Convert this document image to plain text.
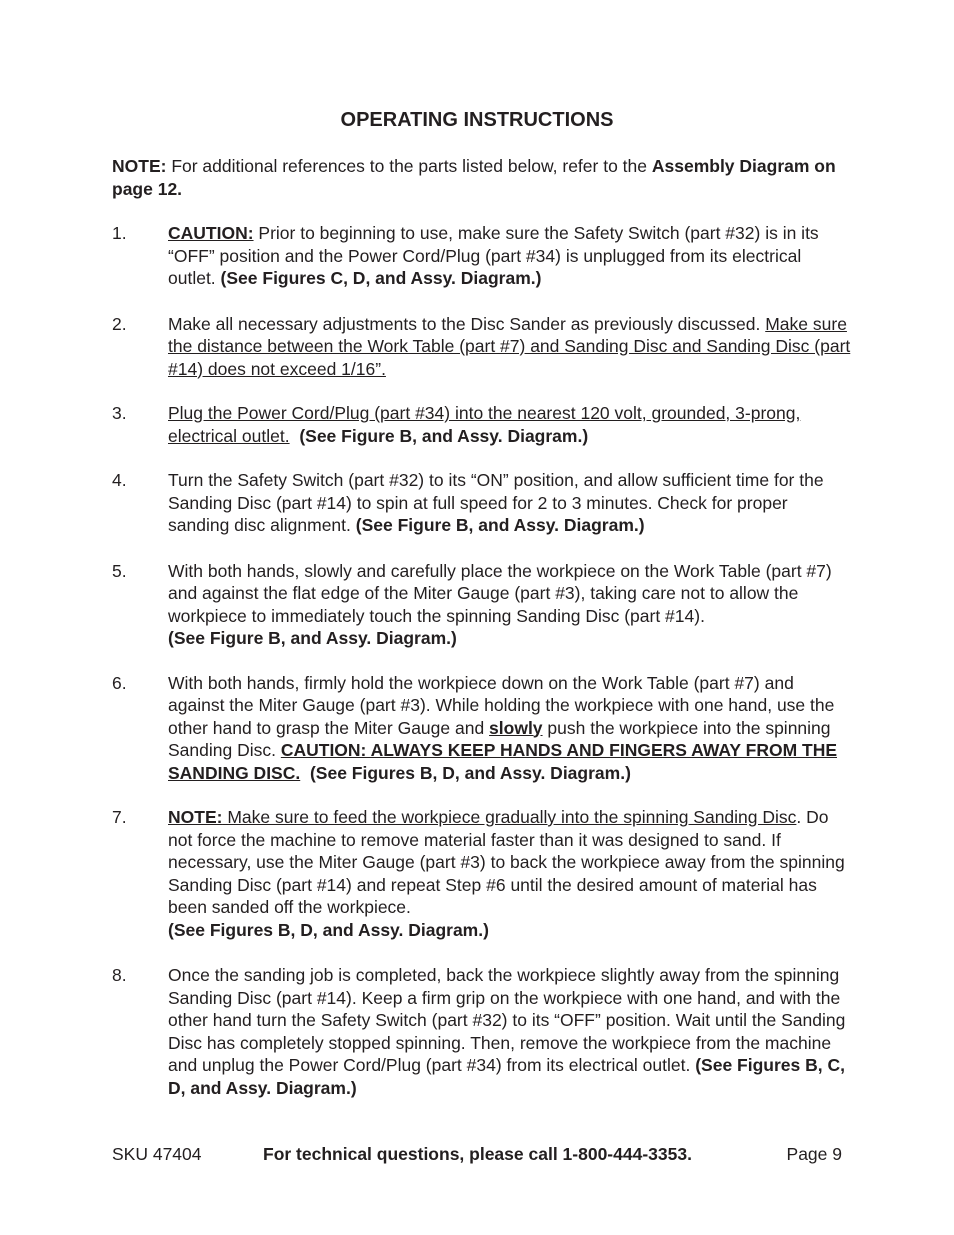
OPERATING INSTRUCTIONS
NOTE: For additional references to the parts listed below, refer to the Assembly Diagram on page 12.
1.	CAUTION: Prior to beginning to use, make sure the Safety Switch (part #32) is in its “OFF” position and the Power Cord/Plug (part #34) is unplugged from its electrical outlet. (See Figures C, D, and Assy. Diagram.)
2.	Make all necessary adjustments to the Disc Sander as previously discussed. Make sure the distance between the Work Table (part #7) and Sanding Disc and Sanding Disc (part #14) does not exceed 1/16”.
3.	Plug the Power Cord/Plug (part #34) into the nearest 120 volt, grounded, 3-prong, electrical outlet. (See Figure B, and Assy. Diagram.)
4.	Turn the Safety Switch (part #32) to its “ON” position, and allow sufficient time for the Sanding Disc (part #14) to spin at full speed for 2 to 3 minutes. Check for proper sanding disc alignment. (See Figure B, and Assy. Diagram.)
5.	With both hands, slowly and carefully place the workpiece on the Work Table (part #7) and against the flat edge of the Miter Gauge (part #3), taking care not to allow the workpiece to immediately touch the spinning Sanding Disc (part #14).
(See Figure B, and Assy. Diagram.)
6.	With both hands, firmly hold the workpiece down on the Work Table (part #7) and against the Miter Gauge (part #3). While holding the workpiece with one hand, use the other hand to grasp the Miter Gauge and slowly push the workpiece into the spinning Sanding Disc. CAUTION: ALWAYS KEEP HANDS AND FINGERS AWAY FROM THE SANDING DISC. (See Figures B, D, and Assy. Diagram.)
7.	NOTE: Make sure to feed the workpiece gradually into the spinning Sanding Disc. Do not force the machine to remove material faster than it was designed to sand. If necessary, use the Miter Gauge (part #3) to back the workpiece away from the spinning Sanding Disc (part #14) and repeat Step #6 until the desired amount of material has been sanded off the workpiece.
(See Figures B, D, and Assy. Diagram.)
8.	Once the sanding job is completed, back the workpiece slightly away from the spinning Sanding Disc (part #14). Keep a firm grip on the workpiece with one hand, and with the other hand turn the Safety Switch (part #32) to its “OFF” position. Wait until the Sanding Disc has completely stopped spinning. Then, remove the workpiece from the machine and unplug the Power Cord/Plug (part #34) from its electrical outlet. (See Figures B, C, D, and Assy. Diagram.)
SKU 47404	For technical questions, please call 1-800-444-3353.	Page 9
